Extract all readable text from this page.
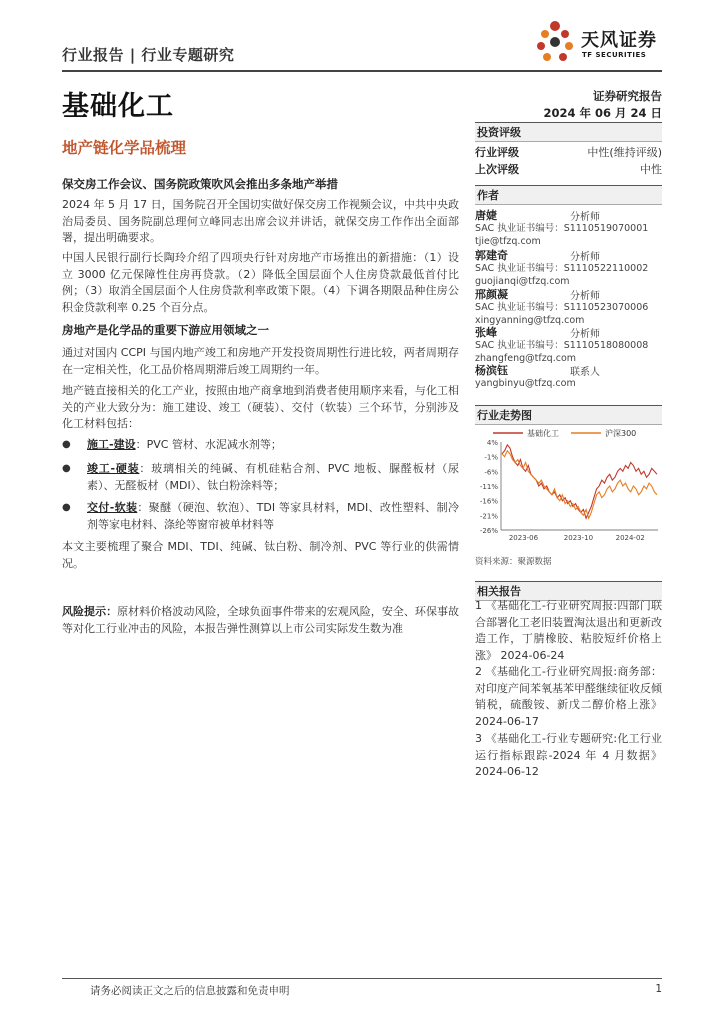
行业报告 | 行业专题研究
天风证券
TF SECURITIES
基础化工	证券研究报告
2024 年 06 月 24 日
地产链化学品梳理
保交房工作会议、国务院政策吹风会推出多条地产举措
2024 年 5 月 17 日，国务院召开全国切实做好保交房工作视频会议，中共中央政治局委员、国务院副总理何立峰同志出席会议并讲话，就保交房工作作出全面部署，提出明确要求。
中国人民银行副行长陶玲介绍了四项央行针对房地产市场推出的新措施：（1）设立 3000 亿元保障性住房再贷款。（2）降低全国层面个人住房贷款最低首付比例；（3）取消全国层面个人住房贷款利率政策下限。（4）下调各期限品种住房公积金贷款利率 0.25 个百分点。
房地产是化学品的重要下游应用领域之一
通过对国内 CCPI 与国内地产竣工和房地产开发投资周期性行进比较，两者周期存在一定相关性，化工品价格周期滞后竣工周期约一年。
地产链直接相关的化工产业，按照由地产商拿地到消费者使用顺序来看，与化工相关的产业大致分为：施工建设、竣工（硬装）、交付（软装）三个环节，分别涉及化工材料包括：
● 施工-建设：PVC 管材、水泥减水剂等；
● 竣工-硬装：玻璃相关的纯碱、有机硅粘合剂、PVC 地板、脲醛板材（尿素）、无醛板材（MDI）、钛白粉涂料等；
● 交付-软装：聚醚（硬泡、软泡）、TDI 等家具材料，MDI、改性塑料、制冷剂等家电材料、涤纶等窗帘被单材料等
本文主要梳理了聚合 MDI、TDI、纯碱、钛白粉、制冷剂、PVC 等行业的供需情况。
风险提示：原材料价格波动风险，全球负面事件带来的宏观风险，安全、环保事故等对化工行业冲击的风险，本报告弹性测算以上市公司实际发生数为准
投资评级
行业评级	中性(维持评级)
上次评级	中性
作者
唐婕	分析师
SAC 执业证书编号：S1110519070001
tjie@tfzq.com
郭建奇	分析师
SAC 执业证书编号：S1110522110002
guojianqi@tfzq.com
邢颜凝	分析师
SAC 执业证书编号：S1110523070006
xingyanning@tfzq.com
张峰	分析师
SAC 执业证书编号：S1110518080008
zhangfeng@tfzq.com
杨滨钰	联系人
yangbinyu@tfzq.com
行业走势图
基础化工	沪深300
4%
-1%
-6%
-11%
-16%
-21%
-26%
2023-06	2023-10	2024-02
资料来源：聚源数据
相关报告
1 《基础化工-行业研究周报:四部门联合部署化工老旧装置淘汰退出和更新改造工作，丁腈橡胶、粘胶短纤价格上涨》 2024-06-24
2 《基础化工-行业研究周报:商务部：对印度产间苯氧基苯甲醛继续征收反倾销税，硫酸铵、新戊二醇价格上涨》 2024-06-17
3 《基础化工-行业专题研究:化工行业运行指标跟踪-2024 年 4 月数据》 2024-06-12
请务必阅读正文之后的信息披露和免责申明	1
